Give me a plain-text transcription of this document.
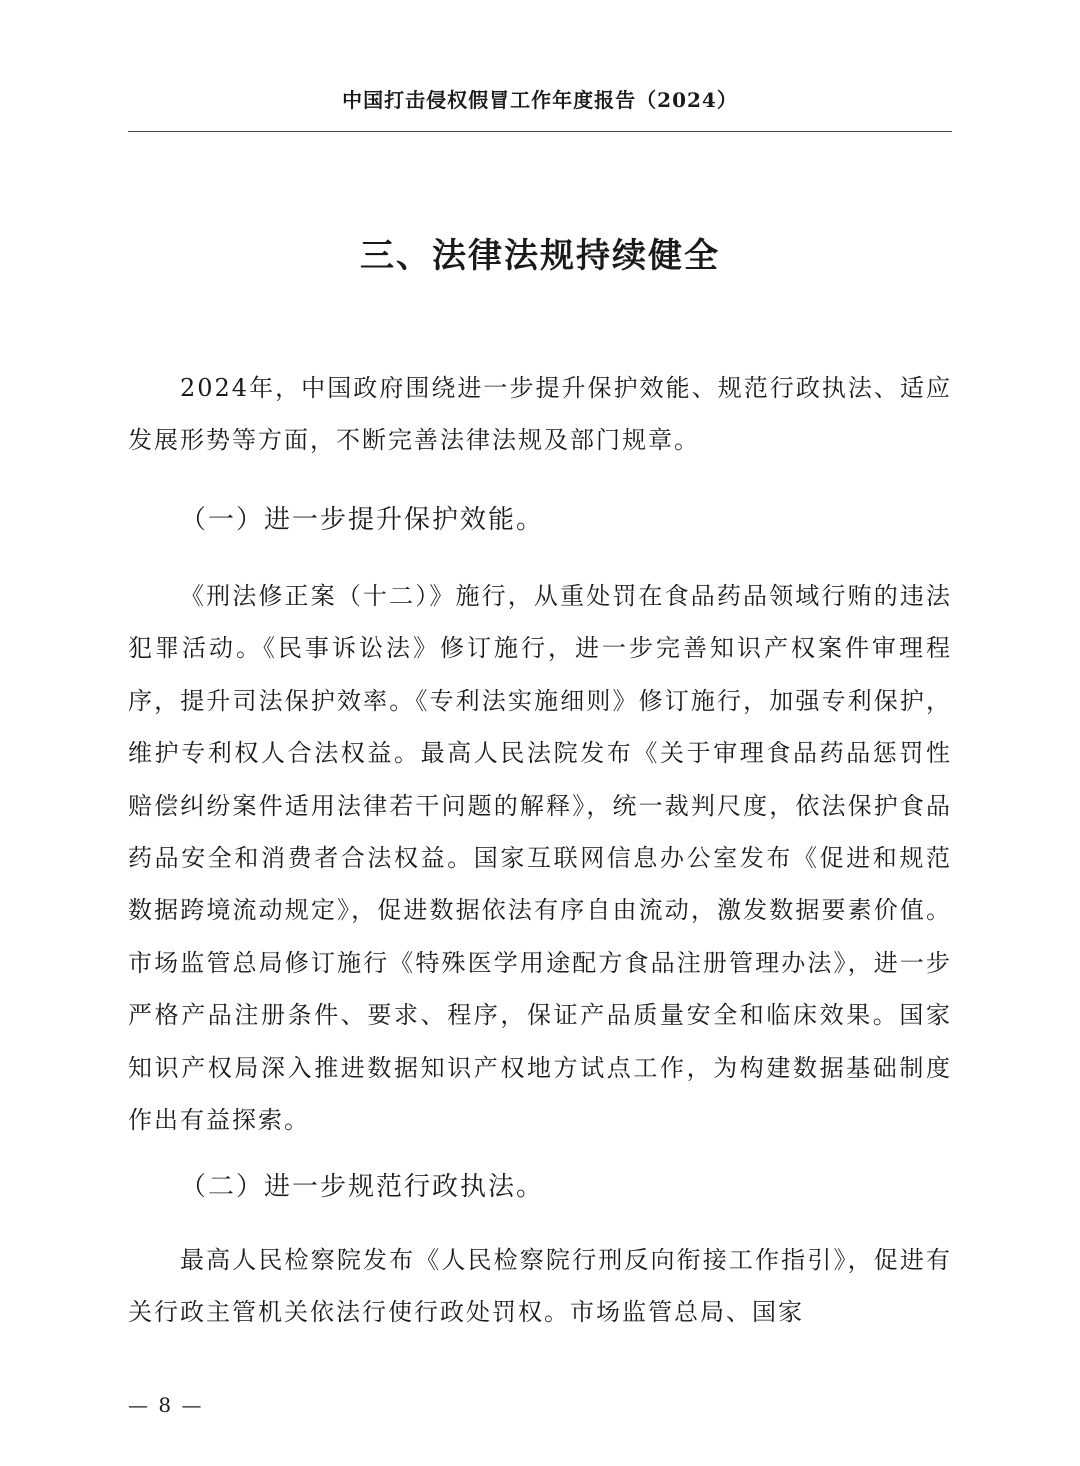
中国打击侵权假冒工作年度报告（2024）
三、法律法规持续健全

2024年，中国政府围绕进一步提升保护效能、规范行政执法、适应发展形势等方面，不断完善法律法规及部门规章。

（一）进一步提升保护效能。

《刑法修正案（十二）》施行，从重处罚在食品药品领域行贿的违法犯罪活动。《民事诉讼法》修订施行，进一步完善知识产权案件审理程序，提升司法保护效率。《专利法实施细则》修订施行，加强专利保护，维护专利权人合法权益。最高人民法院发布《关于审理食品药品惩罚性赔偿纠纷案件适用法律若干问题的解释》，统一裁判尺度，依法保护食品药品安全和消费者合法权益。国家互联网信息办公室发布《促进和规范数据跨境流动规定》，促进数据依法有序自由流动，激发数据要素价值。市场监管总局修订施行《特殊医学用途配方食品注册管理办法》，进一步严格产品注册条件、要求、程序，保证产品质量安全和临床效果。国家知识产权局深入推进数据知识产权地方试点工作，为构建数据基础制度作出有益探索。

（二）进一步规范行政执法。

最高人民检察院发布《人民检察院行刑反向衔接工作指引》，促进有关行政主管机关依法行使行政处罚权。市场监管总局、国家

— 8 —
